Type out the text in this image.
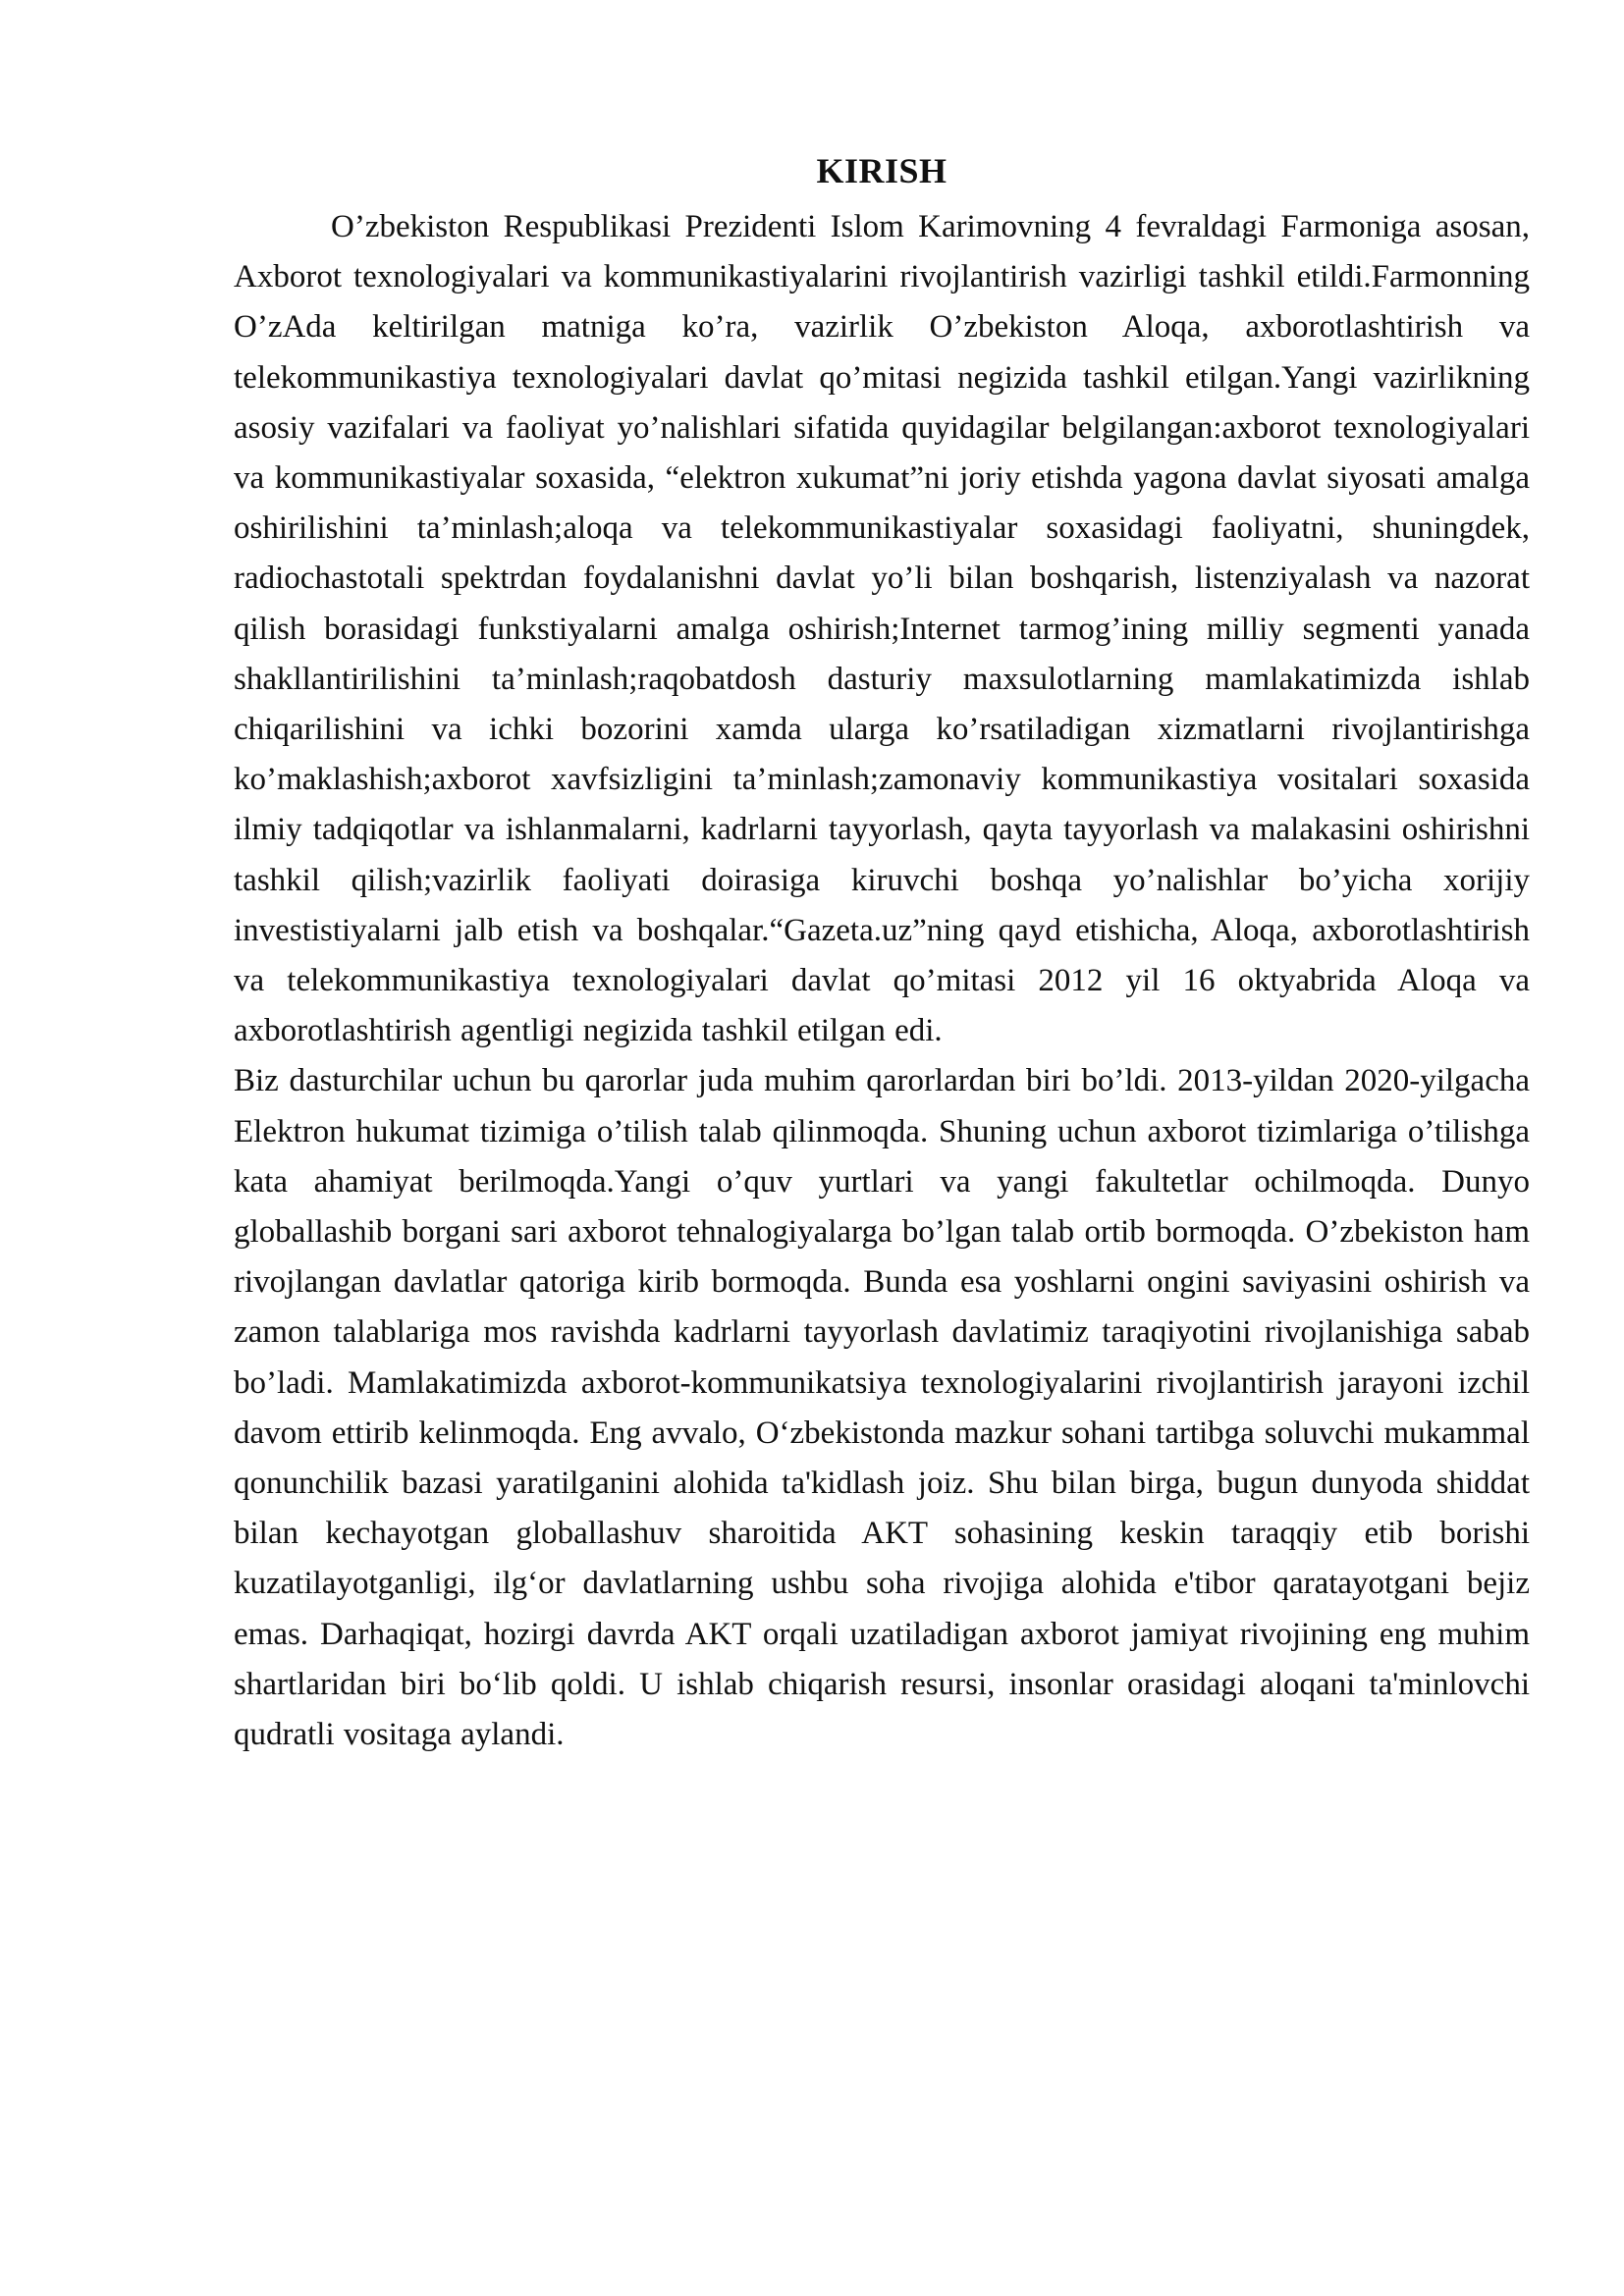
KIRISH

O’zbekiston Respublikasi Prezidenti Islom Karimovning 4 fevraldagi Farmoniga asosan, Axborot texnologiyalari va kommunikastiyalarini rivojlantirish vazirligi tashkil etildi.Farmonning O’zAda keltirilgan matniga ko’ra, vazirlik O’zbekiston Aloqa, axborotlashtirish va telekommunikastiya texnologiyalari davlat qo’mitasi negizida tashkil etilgan.Yangi vazirlikning asosiy vazifalari va faoliyat yo’nalishlari sifatida quyidagilar belgilangan:axborot texnologiyalari va kommunikastiyalar soxasida, “elektron xukumat”ni joriy etishda yagona davlat siyosati amalga oshirilishini ta’minlash;aloqa va telekommunikastiyalar soxasidagi faoliyatni, shuningdek, radiochastotali spektrdan foydalanishni davlat yo’li bilan boshqarish, listenziyalash va nazorat qilish borasidagi funkstiyalarni amalga oshirish;Internet tarmog’ining milliy segmenti yanada shakllantirilishini ta’minlash;raqobatdosh dasturiy maxsulotlarning mamlakatimizda ishlab chiqarilishini va ichki bozorini xamda ularga ko’rsatiladigan xizmatlarni rivojlantirishga ko’maklashish;axborot xavfsizligini ta’minlash;zamonaviy kommunikastiya vositalari soxasida ilmiy tadqiqotlar va ishlanmalarni, kadrlarni tayyorlash, qayta tayyorlash va malakasini oshirishni tashkil qilish;vazirlik faoliyati doirasiga kiruvchi boshqa yo’nalishlar bo’yicha xorijiy investistiyalarni jalb etish va boshqalar.“Gazeta.uz”ning qayd etishicha, Aloqa, axborotlashtirish va telekommunikastiya texnologiyalari davlat qo’mitasi 2012 yil 16 oktyabrida Aloqa va axborotlashtirish agentligi negizida tashkil etilgan edi.

Biz dasturchilar uchun bu qarorlar juda muhim qarorlardan biri bo’ldi. 2013-yildan 2020-yilgacha Elektron hukumat tizimiga o’tilish talab qilinmoqda. Shuning uchun axborot tizimlariga o’tilishga kata ahamiyat berilmoqda.Yangi o’quv yurtlari va yangi fakultetlar ochilmoqda. Dunyo globallashib borgani sari axborot tehnalogiyalarga bo’lgan talab ortib bormoqda. O’zbekiston ham rivojlangan davlatlar qatoriga kirib bormoqda. Bunda esa yoshlarni ongini saviyasini oshirish va zamon talablariga mos ravishda kadrlarni tayyorlash davlatimiz taraqiyotini rivojlanishiga sabab bo’ladi. Mamlakatimizda axborot-kommunikatsiya texnologiyalarini rivojlantirish jarayoni izchil davom ettirib kelinmoqda. Eng avvalo, O‘zbekistonda mazkur sohani tartibga soluvchi mukammal qonunchilik bazasi yaratilganini alohida ta'kidlash joiz. Shu bilan birga, bugun dunyoda shiddat bilan kechayotgan globallashuv sharoitida AKT sohasining keskin taraqqiy etib borishi kuzatilayotganligi, ilg‘or davlatlarning ushbu soha rivojiga alohida e'tibor qaratayotgani bejiz emas. Darhaqiqat, hozirgi davrda AKT orqali uzatiladigan axborot jamiyat rivojining eng muhim shartlaridan biri bo‘lib qoldi. U ishlab chiqarish resursi, insonlar orasidagi aloqani ta'minlovchi qudratli vositaga aylandi.
